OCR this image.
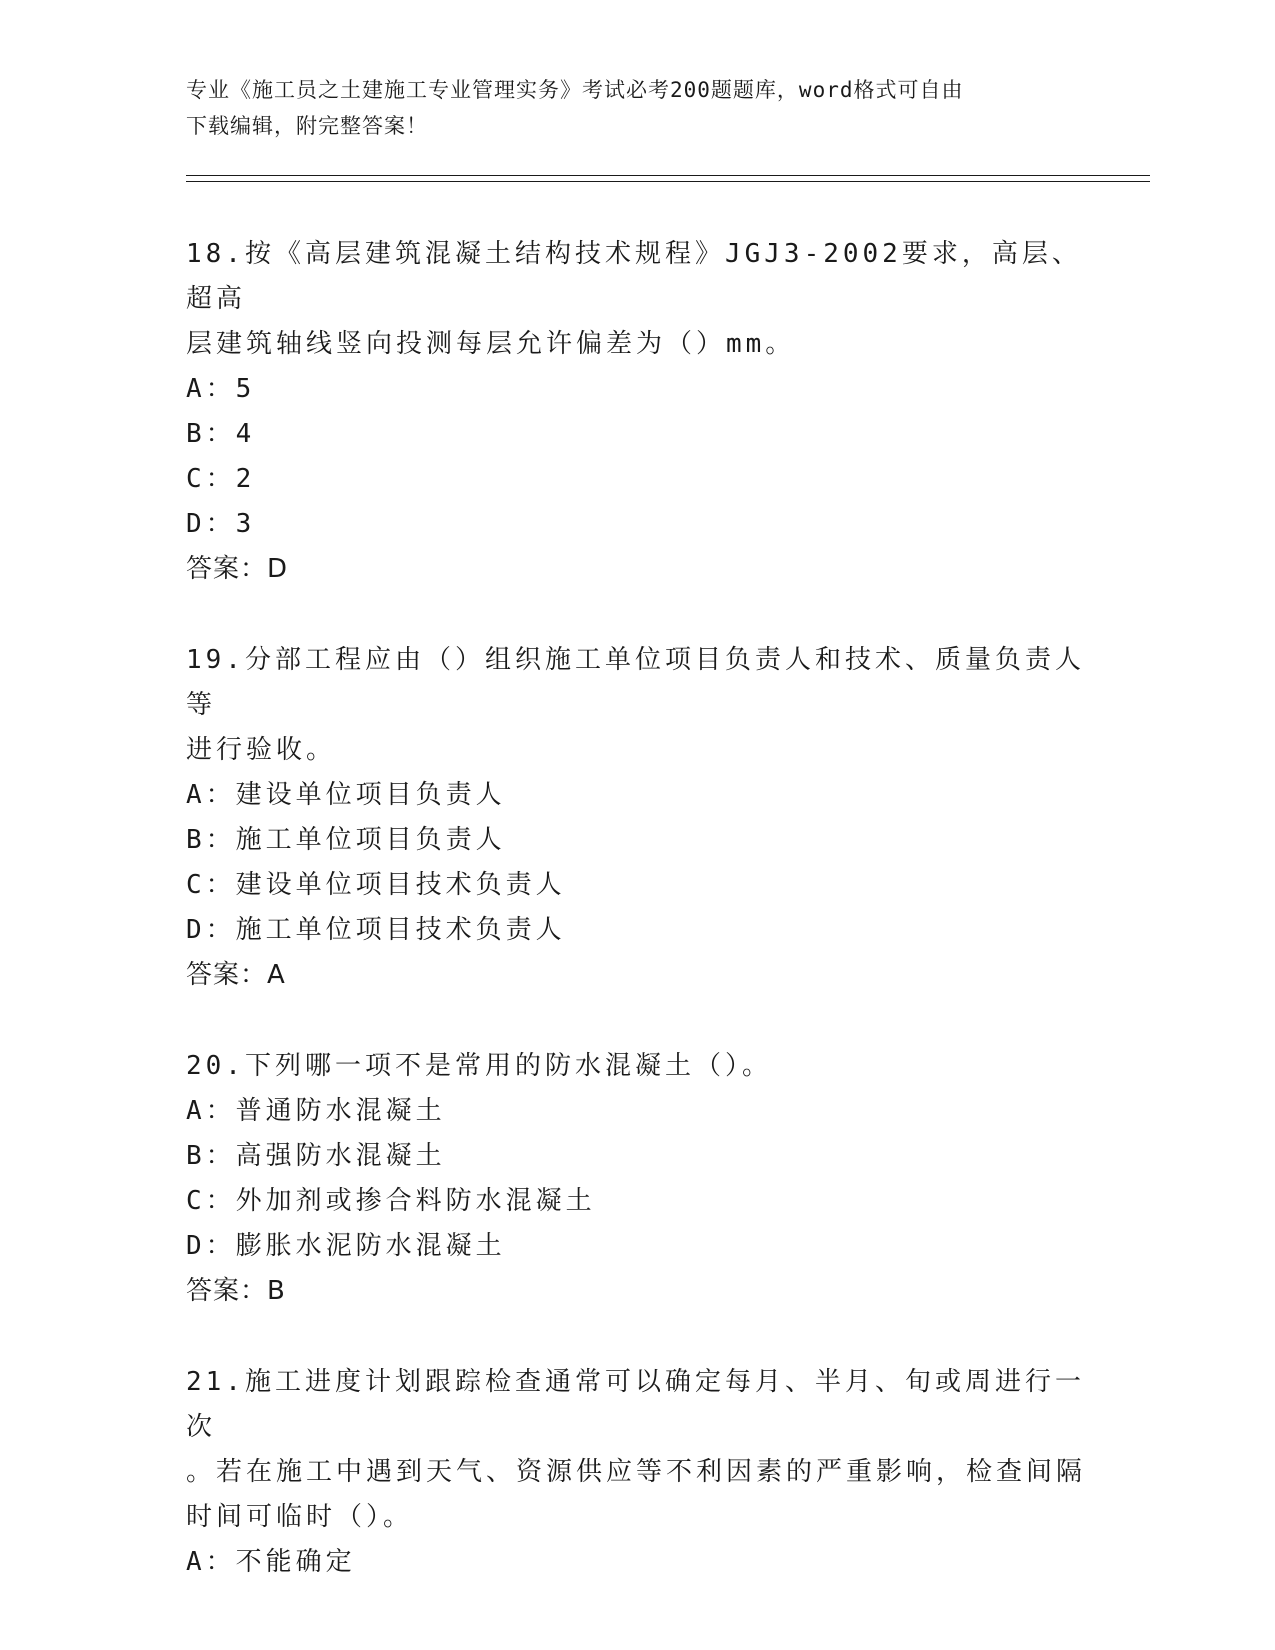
专业《施工员之土建施工专业管理实务》考试必考200题题库，word格式可自由
下载编辑，附完整答案！
18.按《高层建筑混凝土结构技术规程》JGJ3-2002要求，高层、超高
层建筑轴线竖向投测每层允许偏差为（）mm。
A：5
B：4
C：2
D：3
答案：D
19.分部工程应由（）组织施工单位项目负责人和技术、质量负责人等
进行验收。
A：建设单位项目负责人
B：施工单位项目负责人
C：建设单位项目技术负责人
D：施工单位项目技术负责人
答案：A
20.下列哪一项不是常用的防水混凝土（）。
A：普通防水混凝土
B：高强防水混凝土
C：外加剂或掺合料防水混凝土
D：膨胀水泥防水混凝土
答案：B
21.施工进度计划跟踪检查通常可以确定每月、半月、旬或周进行一次
。若在施工中遇到天气、资源供应等不利因素的严重影响，检查间隔
时间可临时（）。
A：不能确定
